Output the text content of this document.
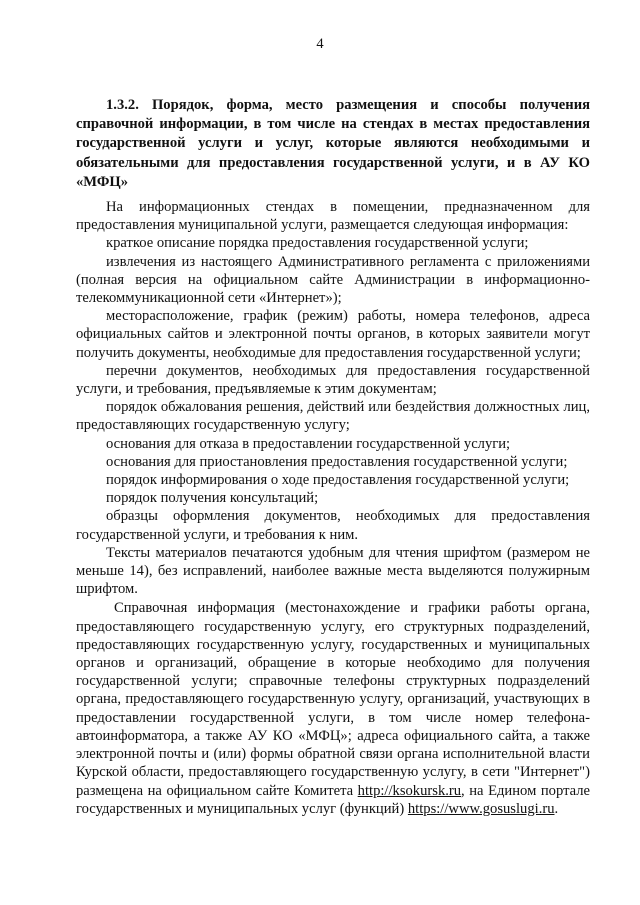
4

1.3.2. Порядок, форма, место размещения и способы получения справочной информации, в том числе на стендах в местах предоставления государственной услуги и услуг, которые являются необходимыми и обязательными для предоставления государственной услуги, и в АУ КО «МФЦ»

На информационных стендах в помещении, предназначенном для предоставления муниципальной услуги, размещается следующая информация:

краткое описание порядка предоставления государственной услуги;

извлечения из настоящего Административного регламента с приложениями (полная версия на официальном сайте Администрации в информационно-телекоммуникационной сети «Интернет»);

месторасположение, график (режим) работы, номера телефонов, адреса официальных сайтов и электронной почты органов, в которых заявители могут получить документы, необходимые для предоставления государственной услуги;

перечни документов, необходимых для предоставления государственной услуги, и требования, предъявляемые к этим документам;

порядок обжалования решения, действий или бездействия должностных лиц, предоставляющих государственную услугу;

основания для отказа в предоставлении государственной услуги;

основания для приостановления предоставления государственной услуги;

порядок информирования о ходе предоставления государственной услуги;

порядок получения консультаций;

образцы оформления документов, необходимых для предоставления государственной услуги, и требования к ним.

Тексты материалов печатаются удобным для чтения шрифтом (размером не меньше 14), без исправлений, наиболее важные места выделяются полужирным шрифтом.

Справочная информация (местонахождение и графики работы органа, предоставляющего государственную услугу, его структурных подразделений, предоставляющих государственную услугу, государственных и муниципальных органов и организаций, обращение в которые необходимо для получения государственной услуги; справочные телефоны структурных подразделений органа, предоставляющего государственную услугу, организаций, участвующих в предоставлении государственной услуги, в том числе номер телефона-автоинформатора, а также АУ КО «МФЦ»; адреса официального сайта, а также электронной почты и (или) формы обратной связи органа исполнительной власти Курской области, предоставляющего государственную услугу, в сети "Интернет") размещена на официальном сайте Комитета http://ksokursk.ru, на Едином портале государственных и муниципальных услуг (функций) https://www.gosuslugi.ru.
